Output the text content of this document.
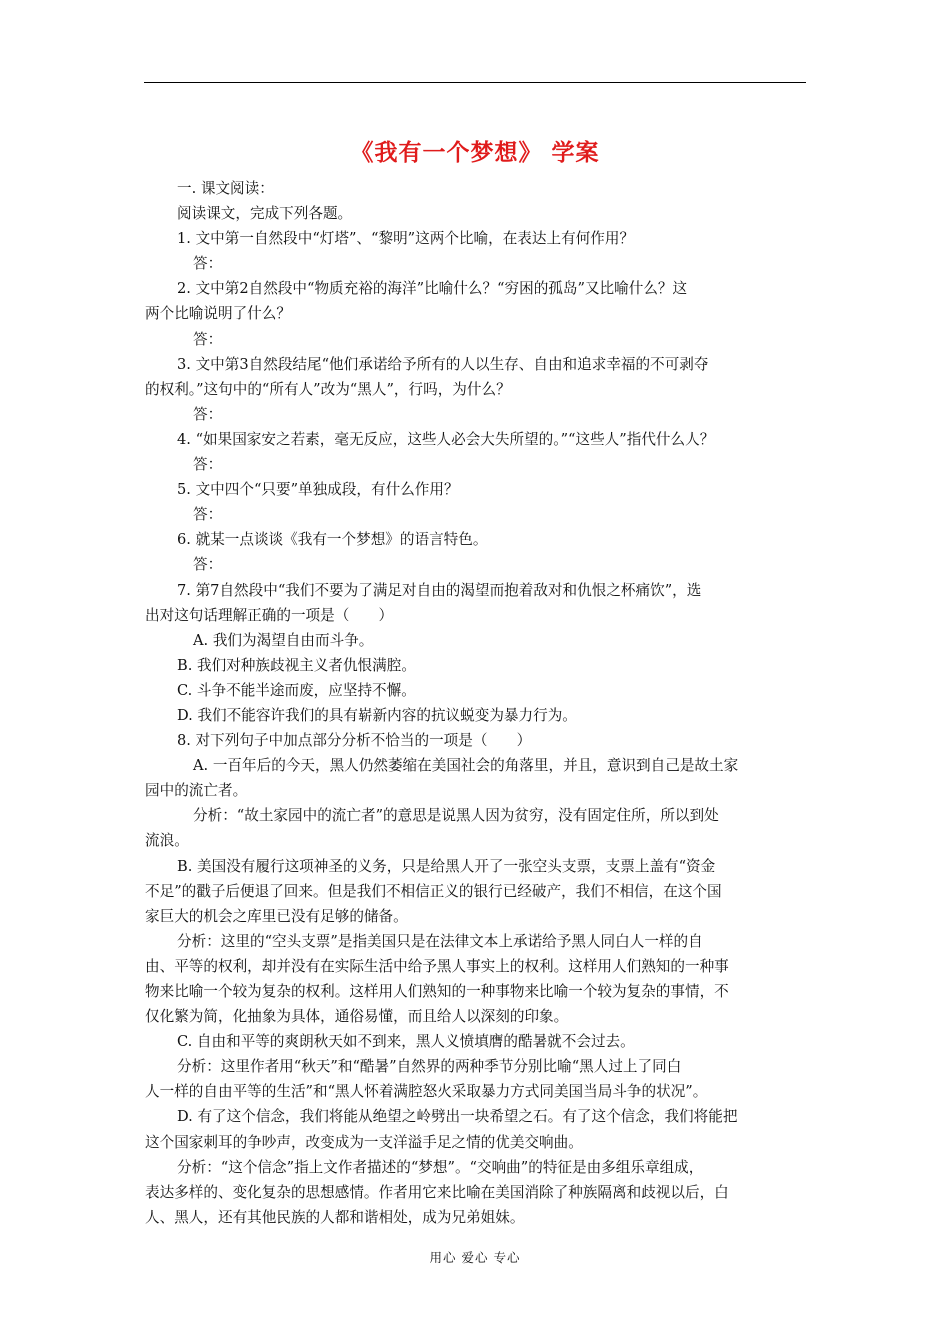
《我有一个梦想》 学案

一. 课文阅读：

阅读课文，完成下列各题。

1. 文中第一自然段中“灯塔”、“黎明”这两个比喻，在表达上有何作用？

答：

2. 文中第2自然段中“物质充裕的海洋”比喻什么？“穷困的孤岛”又比喻什么？这

两个比喻说明了什么？

答：

3. 文中第3自然段结尾“他们承诺给予所有的人以生存、自由和追求幸福的不可剥夺

的权利。”这句中的“所有人”改为“黑人”，行吗，为什么？

答：

4. “如果国家安之若素，毫无反应，这些人必会大失所望的。”“这些人”指代什么人？

答：

5. 文中四个“只要”单独成段，有什么作用？

答：

6. 就某一点谈谈《我有一个梦想》的语言特色。

答：

7. 第7自然段中“我们不要为了满足对自由的渴望而抱着敌对和仇恨之杯痛饮”，选

出对这句话理解正确的一项是（　　）

A. 我们为渴望自由而斗争。

B. 我们对种族歧视主义者仇恨满腔。

C. 斗争不能半途而废，应坚持不懈。

D. 我们不能容许我们的具有崭新内容的抗议蜕变为暴力行为。

8. 对下列句子中加点部分分析不恰当的一项是（　　）

A. 一百年后的今天，黑人仍然萎缩在美国社会的角落里，并且，意识到自己是故土家

园中的流亡者。

分析：“故土家园中的流亡者”的意思是说黑人因为贫穷，没有固定住所，所以到处

流浪。

B. 美国没有履行这项神圣的义务，只是给黑人开了一张空头支票，支票上盖有“资金

不足”的戳子后便退了回来。但是我们不相信正义的银行已经破产，我们不相信，在这个国

家巨大的机会之库里已没有足够的储备。

分析：这里的“空头支票”是指美国只是在法律文本上承诺给予黑人同白人一样的自

由、平等的权利，却并没有在实际生活中给予黑人事实上的权利。这样用人们熟知的一种事

物来比喻一个较为复杂的权利。这样用人们熟知的一种事物来比喻一个较为复杂的事情，不

仅化繁为简，化抽象为具体，通俗易懂，而且给人以深刻的印象。

C. 自由和平等的爽朗秋天如不到来，黑人义愤填膺的酷暑就不会过去。

分析：这里作者用“秋天”和“酷暑”自然界的两种季节分别比喻“黑人过上了同白

人一样的自由平等的生活”和“黑人怀着满腔怒火采取暴力方式同美国当局斗争的状况”。

D. 有了这个信念，我们将能从绝望之岭劈出一块希望之石。有了这个信念，我们将能把

这个国家刺耳的争吵声，改变成为一支洋溢手足之情的优美交响曲。

分析：“这个信念”指上文作者描述的“梦想”。“交响曲”的特征是由多组乐章组成，

表达多样的、变化复杂的思想感情。作者用它来比喻在美国消除了种族隔离和歧视以后，白

人、黑人，还有其他民族的人都和谐相处，成为兄弟姐妹。

用心 爱心 专心
